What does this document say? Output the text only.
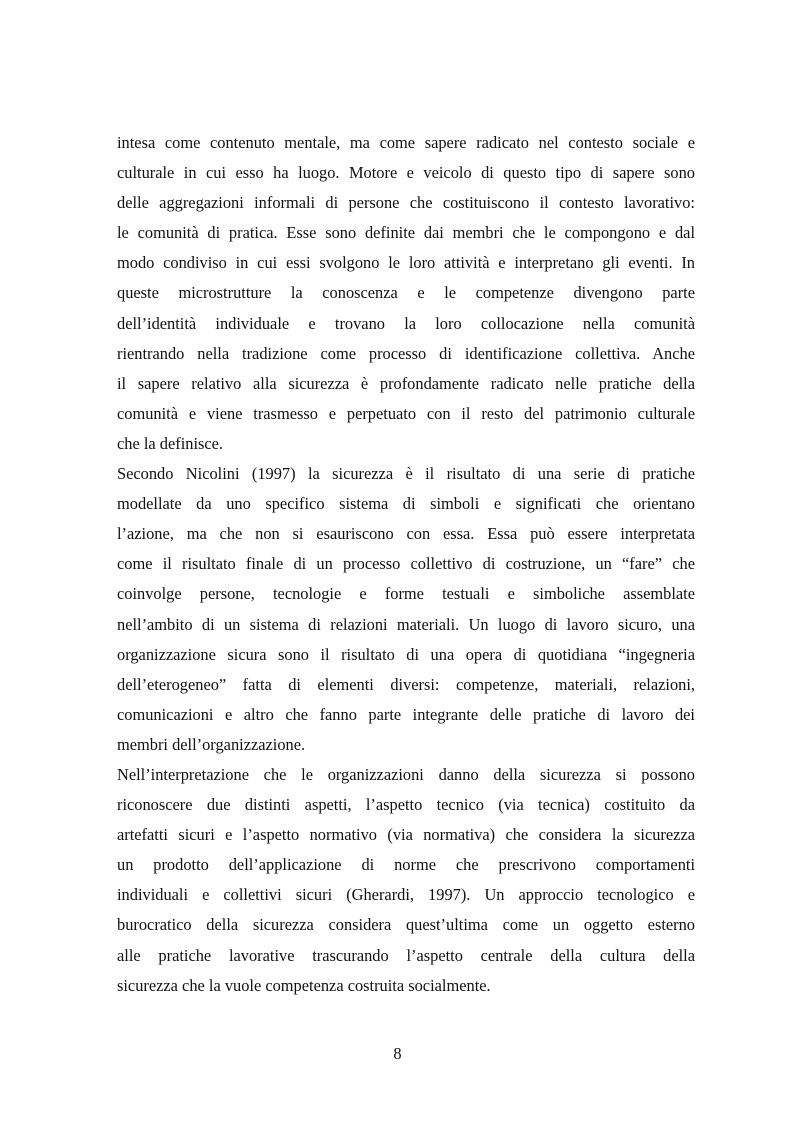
intesa come contenuto mentale, ma come sapere radicato nel contesto sociale e
culturale in cui esso ha luogo. Motore e veicolo di questo tipo di sapere sono
delle aggregazioni informali di persone che costituiscono il contesto lavorativo:
le comunità di pratica. Esse sono definite dai membri che le compongono e dal
modo condiviso in cui essi svolgono le loro attività e interpretano gli eventi. In
queste microstrutture la conoscenza e le competenze divengono parte
dell’identità individuale e trovano la loro collocazione nella comunità
rientrando nella tradizione come processo di identificazione collettiva. Anche
il sapere relativo alla sicurezza è profondamente radicato nelle pratiche della
comunità e viene trasmesso e perpetuato con il resto del patrimonio culturale
che la definisce.
Secondo Nicolini (1997) la sicurezza è il risultato di una serie di pratiche
modellate da uno specifico sistema di simboli e significati che orientano
l’azione, ma che non si esauriscono con essa. Essa può essere interpretata
come il risultato finale di un processo collettivo di costruzione, un “fare” che
coinvolge persone, tecnologie e forme testuali e simboliche assemblate
nell’ambito di un sistema di relazioni materiali. Un luogo di lavoro sicuro, una
organizzazione sicura sono il risultato di una opera di quotidiana “ingegneria
dell’eterogeneo” fatta di elementi diversi: competenze, materiali, relazioni,
comunicazioni e altro che fanno parte integrante delle pratiche di lavoro dei
membri dell’organizzazione.
Nell’interpretazione che le organizzazioni danno della sicurezza si possono
riconoscere due distinti aspetti, l’aspetto tecnico (via tecnica) costituito da
artefatti sicuri e l’aspetto normativo (via normativa) che considera la sicurezza
un prodotto dell’applicazione di norme che prescrivono comportamenti
individuali e collettivi sicuri (Gherardi, 1997). Un approccio tecnologico e
burocratico della sicurezza considera quest’ultima come un oggetto esterno
alle pratiche lavorative trascurando l’aspetto centrale della cultura della
sicurezza che la vuole competenza costruita socialmente.
8
